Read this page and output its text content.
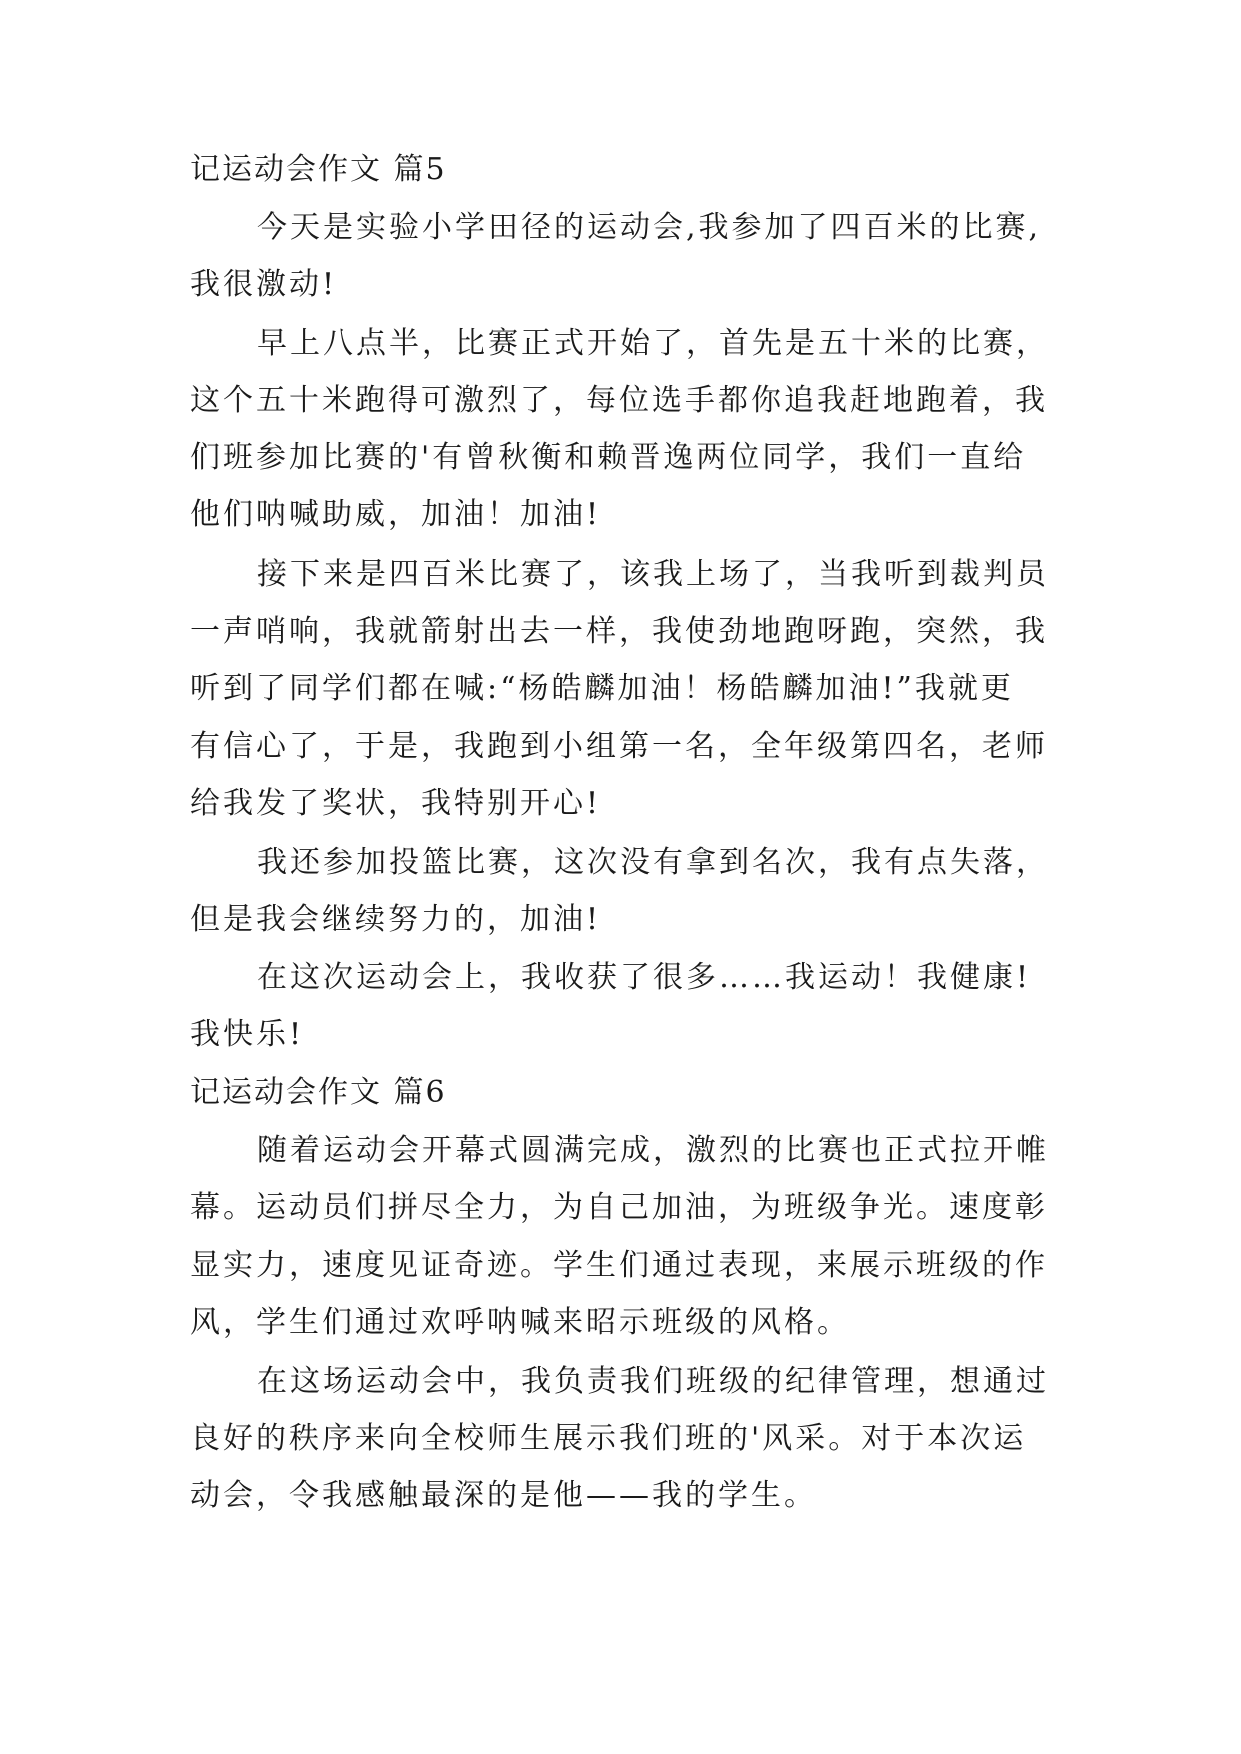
记运动会作文 篇5
今天是实验小学田径的运动会,我参加了四百米的比赛,
我很激动!
早上八点半，比赛正式开始了，首先是五十米的比赛，
这个五十米跑得可激烈了，每位选手都你追我赶地跑着，我
们班参加比赛的'有曾秋衡和赖晋逸两位同学，我们一直给
他们呐喊助威，加油！加油!
接下来是四百米比赛了，该我上场了，当我听到裁判员
一声哨响，我就箭射出去一样，我使劲地跑呀跑，突然，我
听到了同学们都在喊:“杨皓麟加油！杨皓麟加油!”我就更
有信心了，于是，我跑到小组第一名，全年级第四名，老师
给我发了奖状，我特别开心!
我还参加投篮比赛，这次没有拿到名次，我有点失落，
但是我会继续努力的，加油!
在这次运动会上，我收获了很多……我运动！我健康!
我快乐!
记运动会作文 篇6
随着运动会开幕式圆满完成，激烈的比赛也正式拉开帷
幕。运动员们拼尽全力，为自己加油，为班级争光。速度彰
显实力，速度见证奇迹。学生们通过表现，来展示班级的作
风，学生们通过欢呼呐喊来昭示班级的风格。
在这场运动会中，我负责我们班级的纪律管理，想通过
良好的秩序来向全校师生展示我们班的'风采。对于本次运
动会，令我感触最深的是他——我的学生。
